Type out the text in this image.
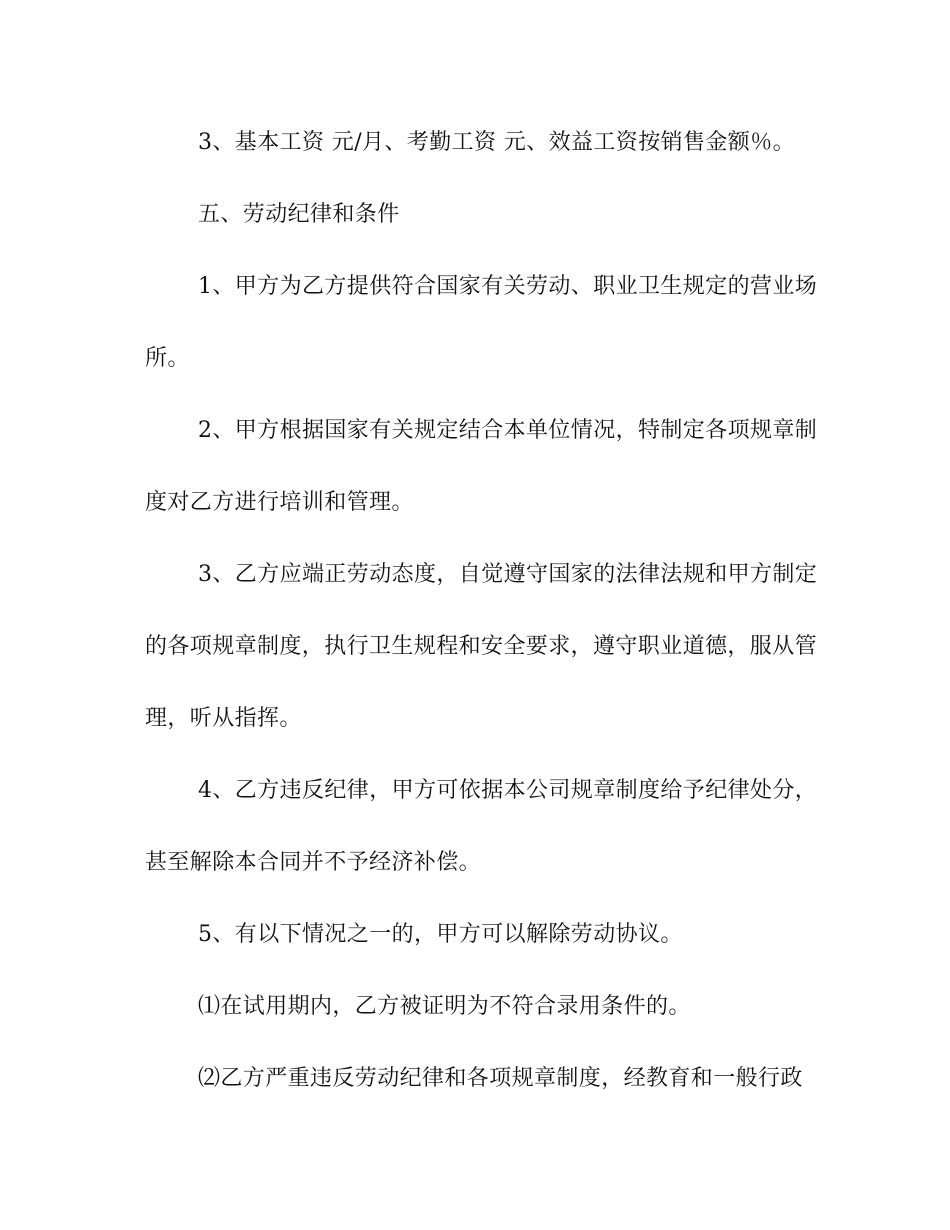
3、基本工资 元/月、考勤工资 元、效益工资按销售金额％。
五、劳动纪律和条件
1、甲方为乙方提供符合国家有关劳动、职业卫生规定的营业场
所。
2、甲方根据国家有关规定结合本单位情况，特制定各项规章制
度对乙方进行培训和管理。
3、乙方应端正劳动态度，自觉遵守国家的法律法规和甲方制定
的各项规章制度，执行卫生规程和安全要求，遵守职业道德，服从管
理，听从指挥。
4、乙方违反纪律，甲方可依据本公司规章制度给予纪律处分，
甚至解除本合同并不予经济补偿。
5、有以下情况之一的，甲方可以解除劳动协议。
⑴在试用期内，乙方被证明为不符合录用条件的。
⑵乙方严重违反劳动纪律和各项规章制度，经教育和一般行政
